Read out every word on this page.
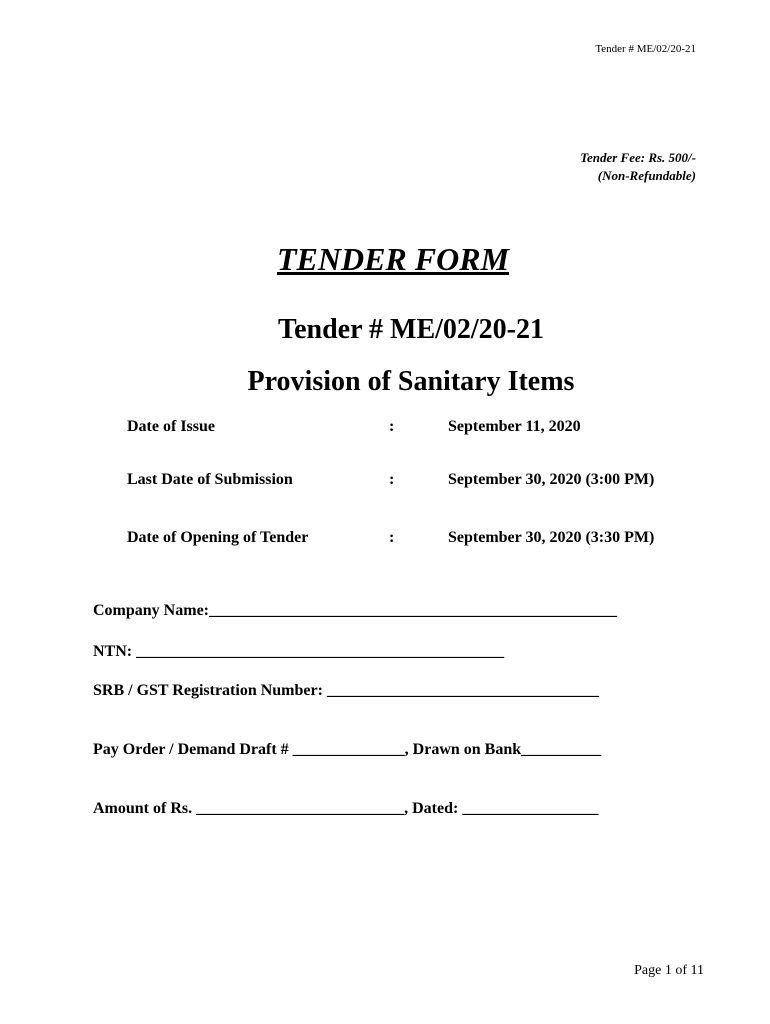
Tender # ME/02/20-21
Tender Fee: Rs. 500/-
(Non-Refundable)
TENDER FORM
Tender # ME/02/20-21
Provision of Sanitary Items
Date of Issue	:	September 11, 2020
Last Date of Submission	:	September 30, 2020 (3:00 PM)
Date of Opening of Tender	:	September 30, 2020 (3:30 PM)
Company Name:___________________________________________________
NTN: ______________________________________________
SRB / GST Registration Number: __________________________________
Pay Order / Demand Draft # ______________, Drawn on Bank__________
Amount of Rs. __________________________, Dated: _________________
Page 1 of 11
